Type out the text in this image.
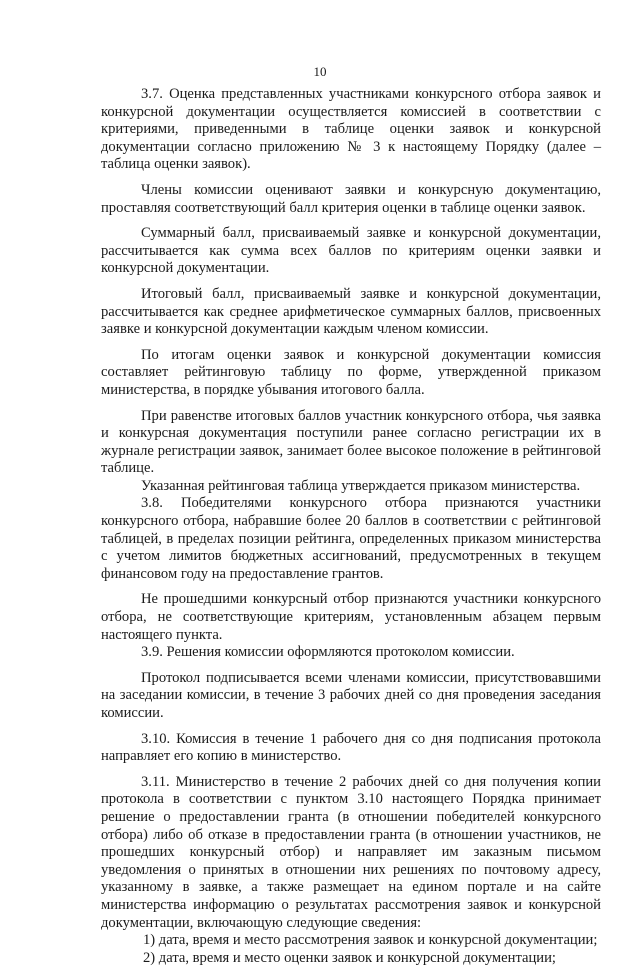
10

3.7. Оценка представленных участниками конкурсного отбора заявок и конкурсной документации осуществляется комиссией в соответствии с критериями, приведенными в таблице оценки заявок и конкурсной документации согласно приложению № 3 к настоящему Порядку (далее – таблица оценки заявок).

Члены комиссии оценивают заявки и конкурсную документацию, проставляя соответствующий балл критерия оценки в таблице оценки заявок.

Суммарный балл, присваиваемый заявке и конкурсной документации, рассчитывается как сумма всех баллов по критериям оценки заявки и конкурсной документации.

Итоговый балл, присваиваемый заявке и конкурсной документации, рассчитывается как среднее арифметическое суммарных баллов, присвоенных заявке и конкурсной документации каждым членом комиссии.

По итогам оценки заявок и конкурсной документации комиссия составляет рейтинговую таблицу по форме, утвержденной приказом министерства, в порядке убывания итогового балла.

При равенстве итоговых баллов участник конкурсного отбора, чья заявка и конкурсная документация поступили ранее согласно регистрации их в журнале регистрации заявок, занимает более высокое положение в рейтинговой таблице.

Указанная рейтинговая таблица утверждается приказом министерства.

3.8. Победителями конкурсного отбора признаются участники конкурсного отбора, набравшие более 20 баллов в соответствии с рейтинговой таблицей, в пределах позиции рейтинга, определенных приказом министерства с учетом лимитов бюджетных ассигнований, предусмотренных в текущем финансовом году на предоставление грантов.

Не прошедшими конкурсный отбор признаются участники конкурсного отбора, не соответствующие критериям, установленным абзацем первым настоящего пункта.

3.9. Решения комиссии оформляются протоколом комиссии.

Протокол подписывается всеми членами комиссии, присутствовавшими на заседании комиссии, в течение 3 рабочих дней со дня проведения заседания комиссии.

3.10. Комиссия в течение 1 рабочего дня со дня подписания протокола направляет его копию в министерство.

3.11. Министерство в течение 2 рабочих дней со дня получения копии протокола в соответствии с пунктом 3.10 настоящего Порядка принимает решение о предоставлении гранта (в отношении победителей конкурсного отбора) либо об отказе в предоставлении гранта (в отношении участников, не прошедших конкурсный отбор) и направляет им заказным письмом уведомления о принятых в отношении них решениях по почтовому адресу, указанному в заявке, а также размещает на едином портале и на сайте министерства информацию о результатах рассмотрения заявок и конкурсной документации, включающую следующие сведения:

1) дата, время и место рассмотрения заявок и конкурсной документации;

2) дата, время и место оценки заявок и конкурсной документации;
